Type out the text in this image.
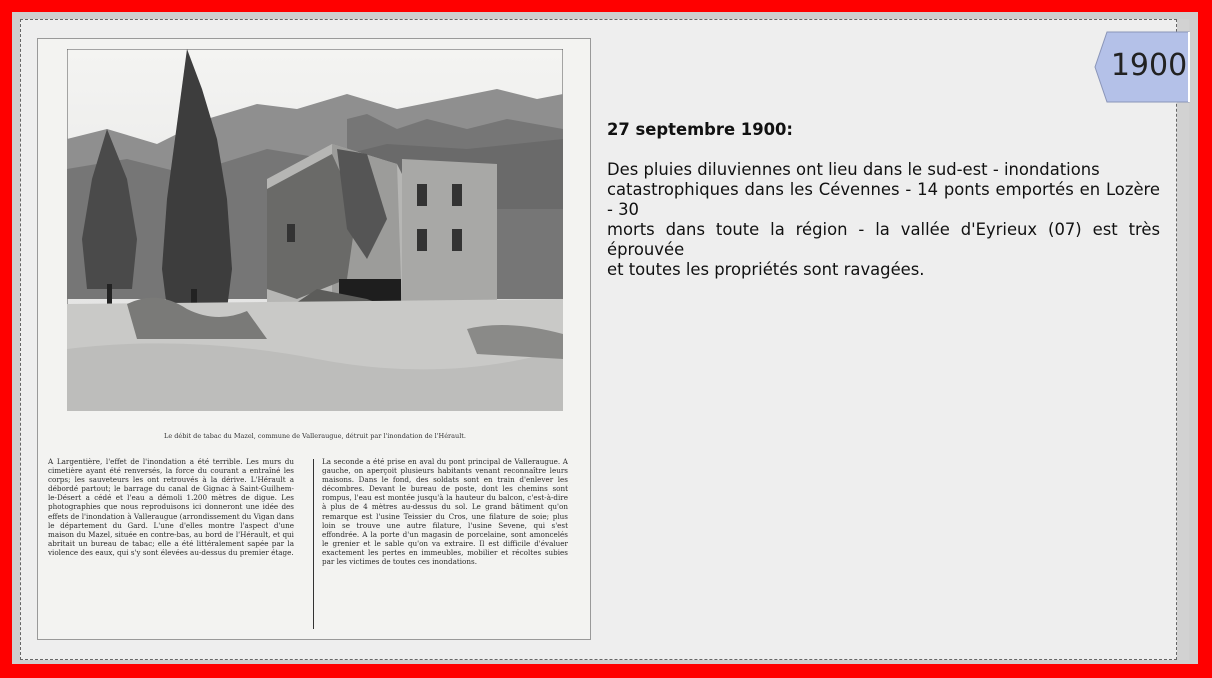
Le débit de tabac du Mazel, commune de Valleraugue, détruit par l'inondation de l'Hérault.
A Largentière, l'effet de l'inondation a été terrible. Les murs du cimetière ayant été renversés, la force du courant a entraîné les corps; les sauveteurs les ont retrouvés à la dérive. L'Hérault a débordé partout; le barrage du canal de Gignac à Saint-Guilhem-le-Désert a cédé et l'eau a démoli 1.200 mètres de digue. Les photographies que nous reproduisons ici donneront une idée des effets de l'inondation à Valleraugue (arrondissement du Vigan dans le département du Gard. L'une d'elles montre l'aspect d'une maison du Mazel, située en contre-bas, au bord de l'Hérault, et qui abritait un bureau de tabac; elle a été littéralement sapée par la violence des eaux, qui s'y sont élevées au-dessus du premier étage.
La seconde a été prise en aval du pont principal de Valleraugue. A gauche, on aperçoit plusieurs habitants venant reconnaître leurs maisons. Dans le fond, des soldats sont en train d'enlever les décombres. Devant le bureau de poste, dont les chemins sont rompus, l'eau est montée jusqu'à la hauteur du balcon, c'est-à-dire à plus de 4 mètres au-dessus du sol. Le grand bâtiment qu'on remarque est l'usine Teissier du Cros, une filature de soie; plus loin se trouve une autre filature, l'usine Sevene, qui s'est effondrée. A la porte d'un magasin de porcelaine, sont amoncelés le grenier et le sable qu'on va extraire. Il est difficile d'évaluer exactement les pertes en immeubles, mobilier et récoltes subies par les victimes de toutes ces inondations.
1900
27 septembre 1900:
Des pluies diluviennes ont lieu dans le sud-est - inondations
catastrophiques dans les Cévennes - 14 ponts emportés en Lozère
- 30
morts dans toute la région - la vallée d'Eyrieux (07) est très
éprouvée
et toutes les propriétés sont ravagées.
